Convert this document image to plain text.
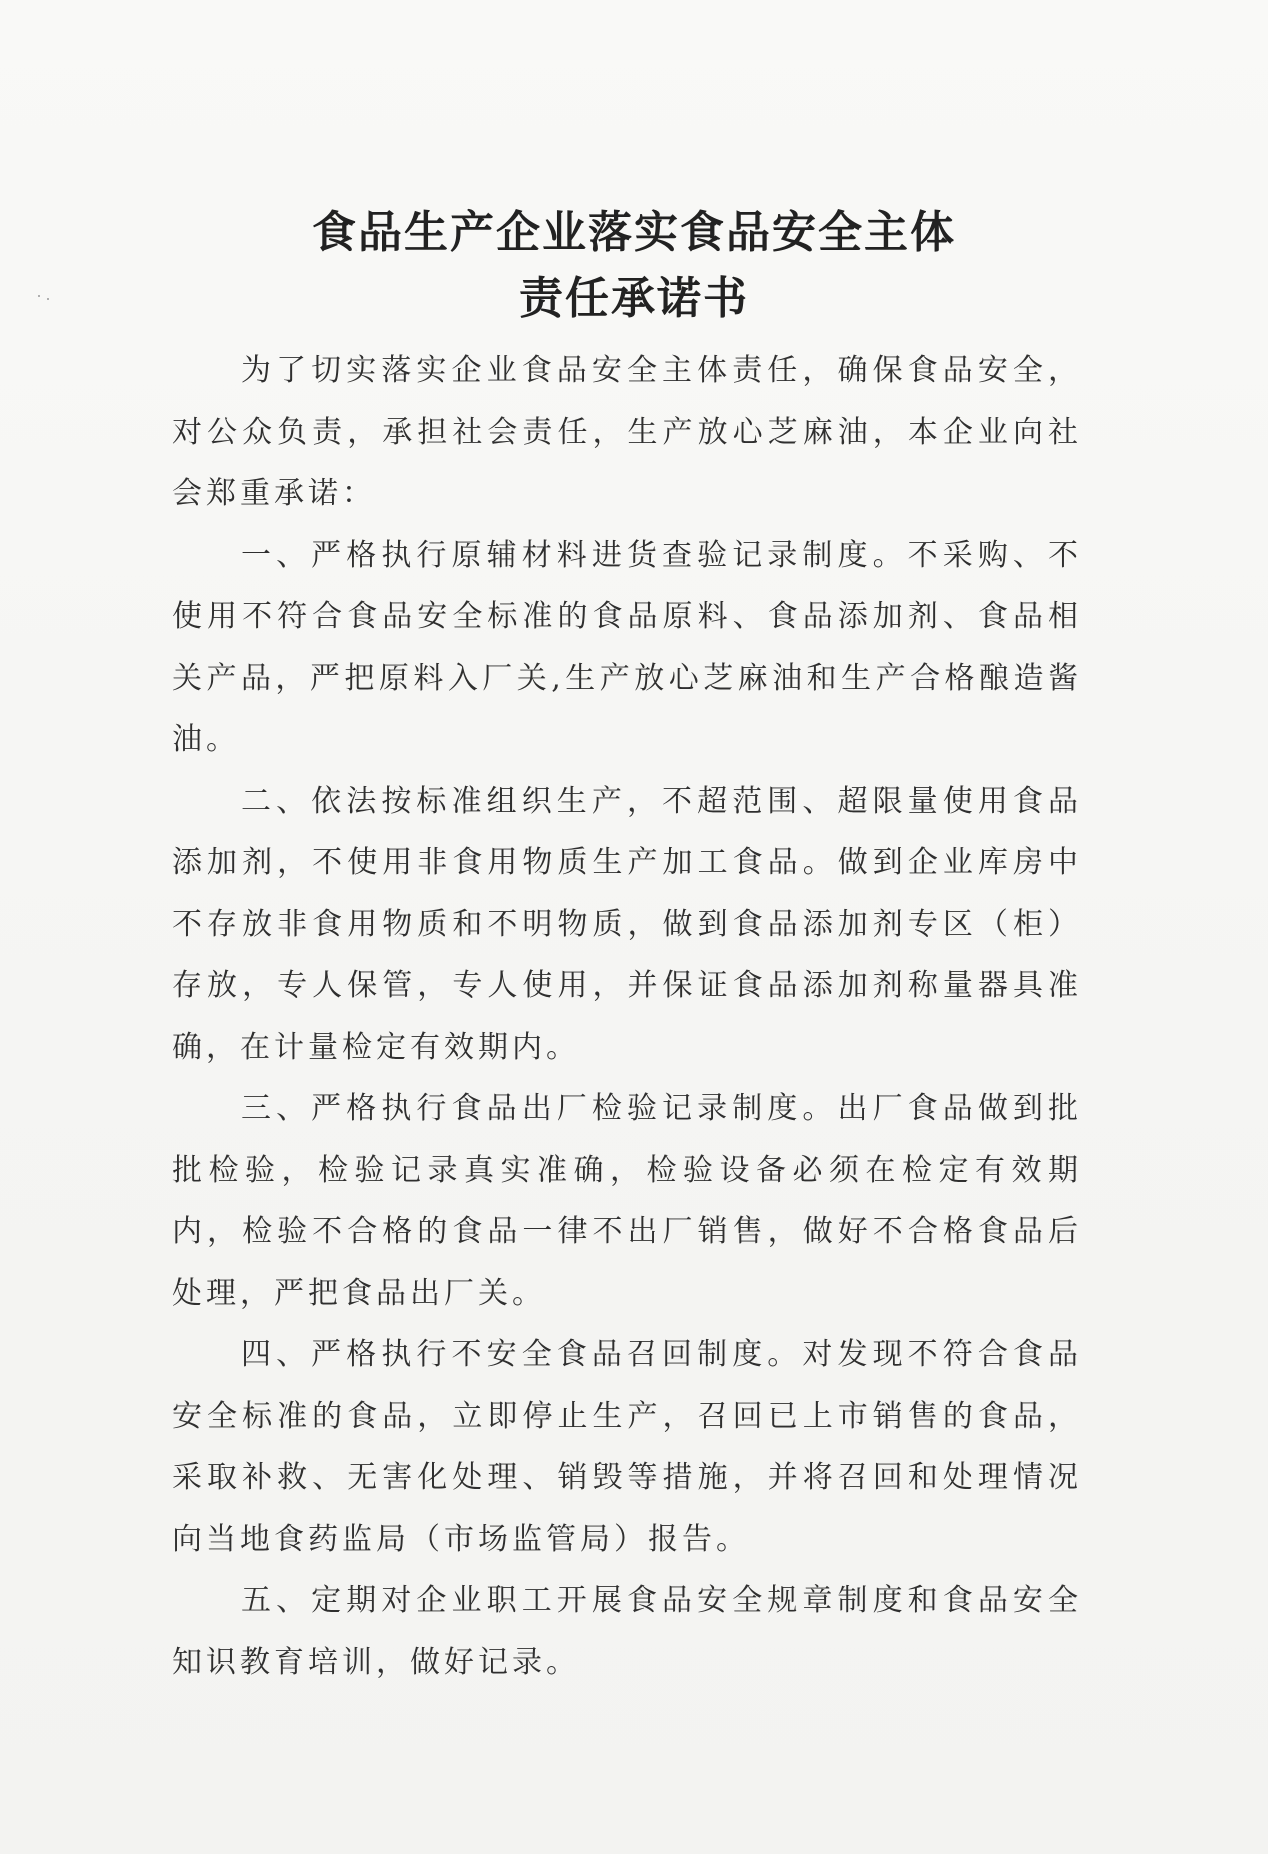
食品生产企业落实食品安全主体
责任承诺书

为了切实落实企业食品安全主体责任，确保食品安全，对公众负责，承担社会责任，生产放心芝麻油，本企业向社会郑重承诺：

一、严格执行原辅材料进货查验记录制度。不采购、不使用不符合食品安全标准的食品原料、食品添加剂、食品相关产品，严把原料入厂关,生产放心芝麻油和生产合格酿造酱油。

二、依法按标准组织生产，不超范围、超限量使用食品添加剂，不使用非食用物质生产加工食品。做到企业库房中不存放非食用物质和不明物质，做到食品添加剂专区（柜）存放，专人保管，专人使用，并保证食品添加剂称量器具准确，在计量检定有效期内。

三、严格执行食品出厂检验记录制度。出厂食品做到批批检验，检验记录真实准确，检验设备必须在检定有效期内，检验不合格的食品一律不出厂销售，做好不合格食品后处理，严把食品出厂关。

四、严格执行不安全食品召回制度。对发现不符合食品安全标准的食品，立即停止生产，召回已上市销售的食品，采取补救、无害化处理、销毁等措施，并将召回和处理情况向当地食药监局（市场监管局）报告。

五、定期对企业职工开展食品安全规章制度和食品安全知识教育培训，做好记录。
